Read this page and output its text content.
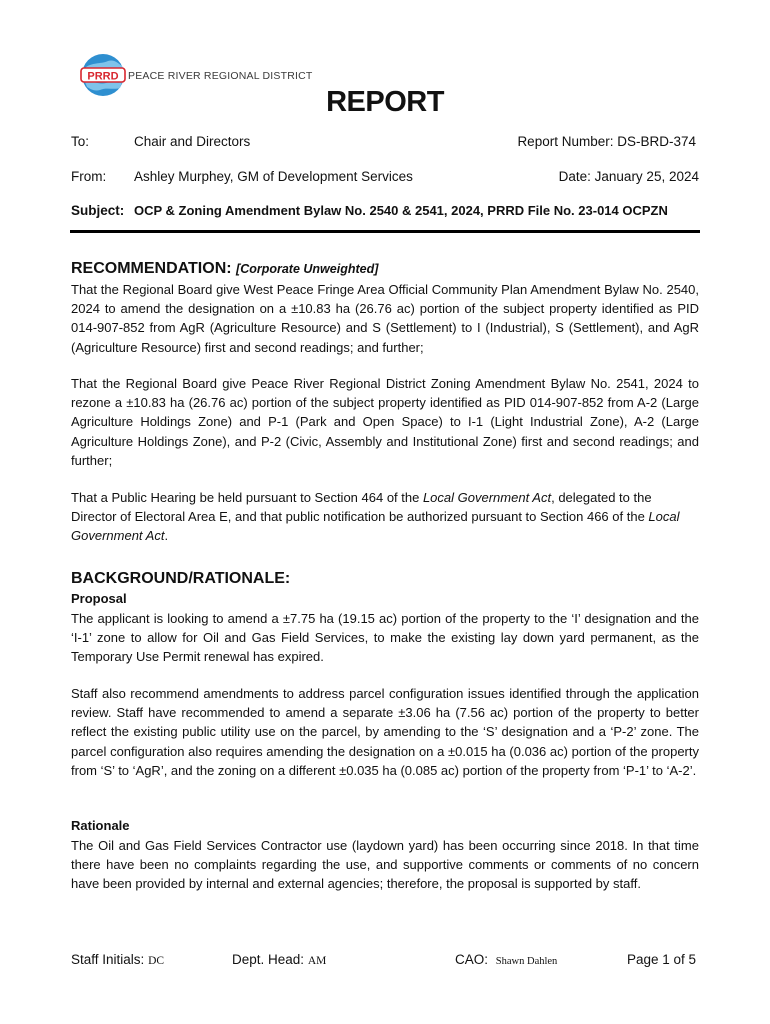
PRRD PEACE RIVER REGIONAL DISTRICT
REPORT
To:	Chair and Directors	Report Number: DS-BRD-374
From: Ashley Murphey, GM of Development Services	Date: January 25, 2024
Subject: OCP & Zoning Amendment Bylaw No. 2540 & 2541, 2024, PRRD File No. 23-014 OCPZN
RECOMMENDATION: [Corporate Unweighted]
That the Regional Board give West Peace Fringe Area Official Community Plan Amendment Bylaw No. 2540, 2024 to amend the designation on a ±10.83 ha (26.76 ac) portion of the subject property identified as PID 014-907-852 from AgR (Agriculture Resource) and S (Settlement) to I (Industrial), S (Settlement), and AgR (Agriculture Resource) first and second readings; and further;
That the Regional Board give Peace River Regional District Zoning Amendment Bylaw No. 2541, 2024 to rezone a ±10.83 ha (26.76 ac) portion of the subject property identified as PID 014-907-852 from A-2 (Large Agriculture Holdings Zone) and P-1 (Park and Open Space) to I-1 (Light Industrial Zone), A-2 (Large Agriculture Holdings Zone), and P-2 (Civic, Assembly and Institutional Zone) first and second readings; and further;
That a Public Hearing be held pursuant to Section 464 of the Local Government Act, delegated to the Director of Electoral Area E, and that public notification be authorized pursuant to Section 466 of the Local Government Act.
BACKGROUND/RATIONALE:
Proposal
The applicant is looking to amend a ±7.75 ha (19.15 ac) portion of the property to the ‘I’ designation and the ‘I-1’ zone to allow for Oil and Gas Field Services, to make the existing lay down yard permanent, as the Temporary Use Permit renewal has expired.
Staff also recommend amendments to address parcel configuration issues identified through the application review. Staff have recommended to amend a separate ±3.06 ha (7.56 ac) portion of the property to better reflect the existing public utility use on the parcel, by amending to the ‘S’ designation and a ‘P-2’ zone. The parcel configuration also requires amending the designation on a ±0.015 ha (0.036 ac) portion of the property from ‘S’ to ‘AgR’, and the zoning on a different ±0.035 ha (0.085 ac) portion of the property from ‘P-1’ to ‘A-2’.
Rationale
The Oil and Gas Field Services Contractor use (laydown yard) has been occurring since 2018. In that time there have been no complaints regarding the use, and supportive comments or comments of no concern have been provided by internal and external agencies; therefore, the proposal is supported by staff.
Staff Initials: DC	Dept. Head: AM	CAO: Shawn Dahlen	Page 1 of 5
